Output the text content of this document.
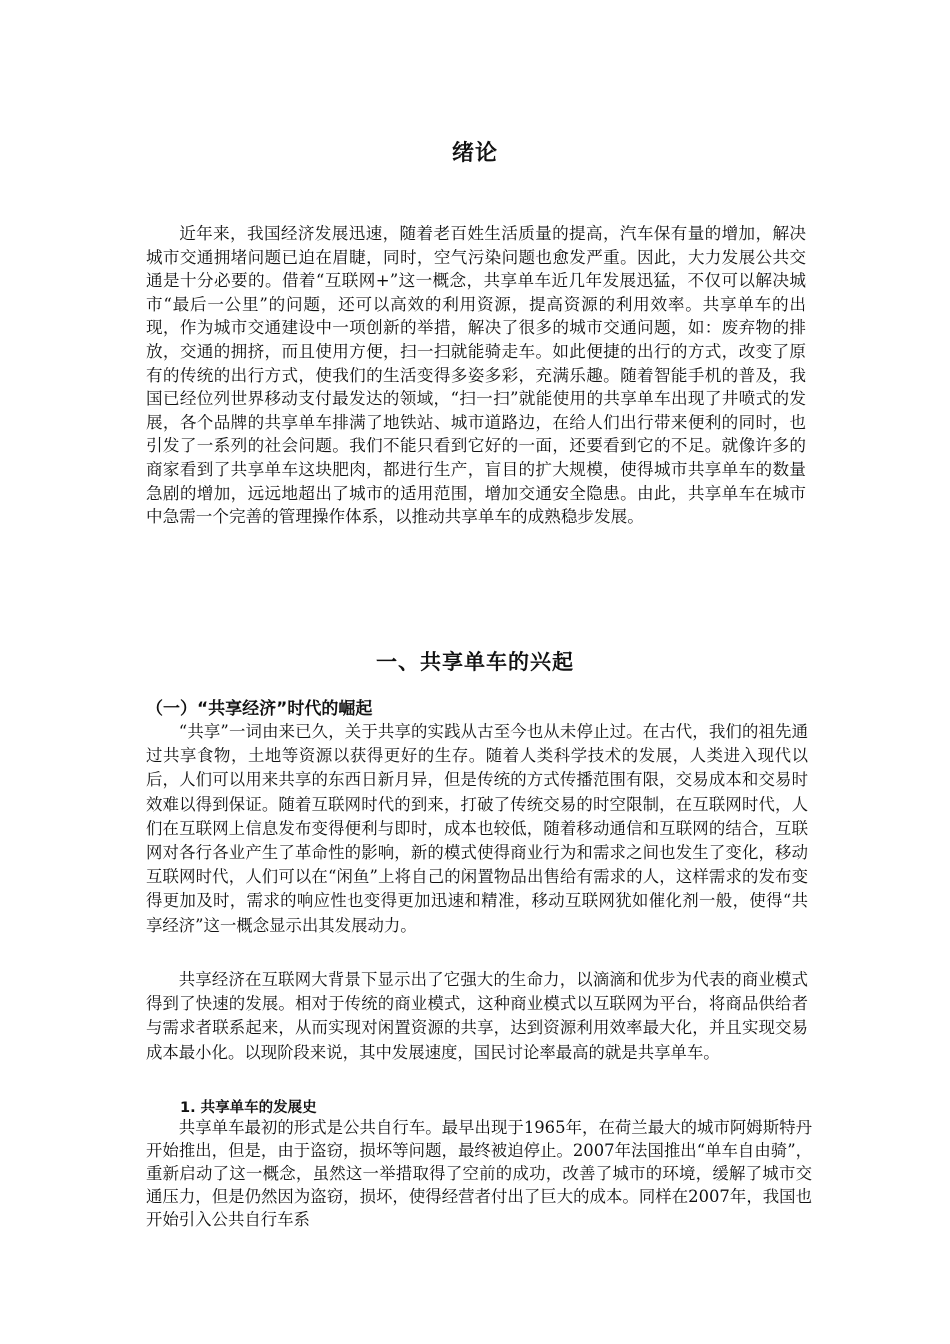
绪论

近年来，我国经济发展迅速，随着老百姓生活质量的提高，汽车保有量的增加，解决城市交通拥堵问题已迫在眉睫，同时，空气污染问题也愈发严重。因此，大力发展公共交通是十分必要的。借着“互联网+”这一概念，共享单车近几年发展迅猛，不仅可以解决城市“最后一公里”的问题，还可以高效的利用资源，提高资源的利用效率。共享单车的出现，作为城市交通建设中一项创新的举措，解决了很多的城市交通问题，如：废弃物的排放，交通的拥挤，而且使用方便，扫一扫就能骑走车。如此便捷的出行的方式，改变了原有的传统的出行方式，使我们的生活变得多姿多彩，充满乐趣。随着智能手机的普及，我国已经位列世界移动支付最发达的领域，“扫一扫”就能使用的共享单车出现了井喷式的发展，各个品牌的共享单车排满了地铁站、城市道路边，在给人们出行带来便利的同时，也引发了一系列的社会问题。我们不能只看到它好的一面，还要看到它的不足。就像许多的商家看到了共享单车这块肥肉，都进行生产，盲目的扩大规模，使得城市共享单车的数量急剧的增加，远远地超出了城市的适用范围，增加交通安全隐患。由此，共享单车在城市中急需一个完善的管理操作体系，以推动共享单车的成熟稳步发展。

一、共享单车的兴起
（一）“共享经济”时代的崛起

“共享”一词由来已久，关于共享的实践从古至今也从未停止过。在古代，我们的祖先通过共享食物，土地等资源以获得更好的生存。随着人类科学技术的发展，人类进入现代以后，人们可以用来共享的东西日新月异，但是传统的方式传播范围有限，交易成本和交易时效难以得到保证。随着互联网时代的到来，打破了传统交易的时空限制，在互联网时代，人们在互联网上信息发布变得便利与即时，成本也较低，随着移动通信和互联网的结合，互联网对各行各业产生了革命性的影响，新的模式使得商业行为和需求之间也发生了变化，移动互联网时代，人们可以在“闲鱼”上将自己的闲置物品出售给有需求的人，这样需求的发布变得更加及时，需求的响应性也变得更加迅速和精准，移动互联网犹如催化剂一般，使得“共享经济”这一概念显示出其发展动力。

共享经济在互联网大背景下显示出了它强大的生命力，以滴滴和优步为代表的商业模式得到了快速的发展。相对于传统的商业模式，这种商业模式以互联网为平台，将商品供给者与需求者联系起来，从而实现对闲置资源的共享，达到资源利用效率最大化，并且实现交易成本最小化。以现阶段来说，其中发展速度，国民讨论率最高的就是共享单车。

1. 共享单车的发展史

共享单车最初的形式是公共自行车。最早出现于1965年，在荷兰最大的城市阿姆斯特丹开始推出，但是，由于盗窃，损坏等问题，最终被迫停止。2007年法国推出“单车自由骑”， 重新启动了这一概念，虽然这一举措取得了空前的成功，改善了城市的环境，缓解了城市交通压力，但是仍然因为盗窃，损坏，使得经营者付出了巨大的成本。同样在2007年，我国也开始引入公共自行车系
